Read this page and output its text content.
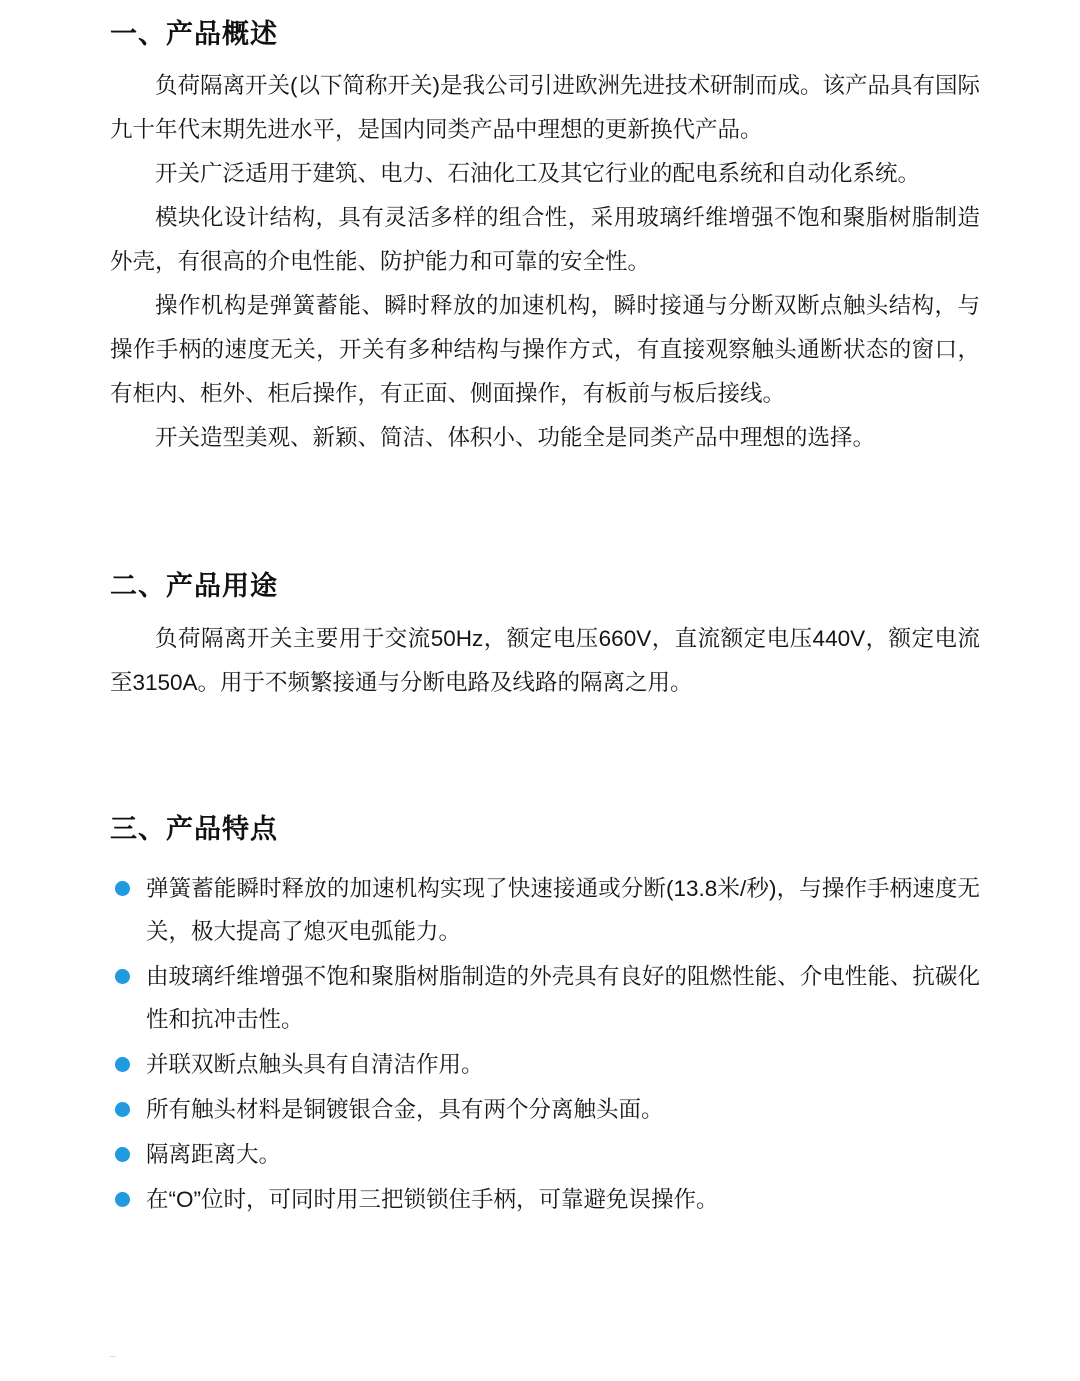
一、产品概述

负荷隔离开关(以下简称开关)是我公司引进欧洲先进技术研制而成。该产品具有国际九十年代末期先进水平，是国内同类产品中理想的更新换代产品。

开关广泛适用于建筑、电力、石油化工及其它行业的配电系统和自动化系统。

模块化设计结构，具有灵活多样的组合性，采用玻璃纤维增强不饱和聚脂树脂制造外壳，有很高的介电性能、防护能力和可靠的安全性。

操作机构是弹簧蓄能、瞬时释放的加速机构，瞬时接通与分断双断点触头结构，与操作手柄的速度无关，开关有多种结构与操作方式，有直接观察触头通断状态的窗口，有柜内、柜外、柜后操作，有正面、侧面操作，有板前与板后接线。

开关造型美观、新颖、简洁、体积小、功能全是同类产品中理想的选择。

二、产品用途

负荷隔离开关主要用于交流50Hz，额定电压660V，直流额定电压440V，额定电流至3150A。用于不频繁接通与分断电路及线路的隔离之用。

三、产品特点
弹簧蓄能瞬时释放的加速机构实现了快速接通或分断(13.8米/秒)，与操作手柄速度无关，极大提高了熄灭电弧能力。
由玻璃纤维增强不饱和聚脂树脂制造的外壳具有良好的阻燃性能、介电性能、抗碳化性和抗冲击性。
并联双断点触头具有自清洁作用。
所有触头材料是铜镀银合金，具有两个分离触头面。
隔离距离大。
在“O”位时，可同时用三把锁锁住手柄，可靠避免误操作。
